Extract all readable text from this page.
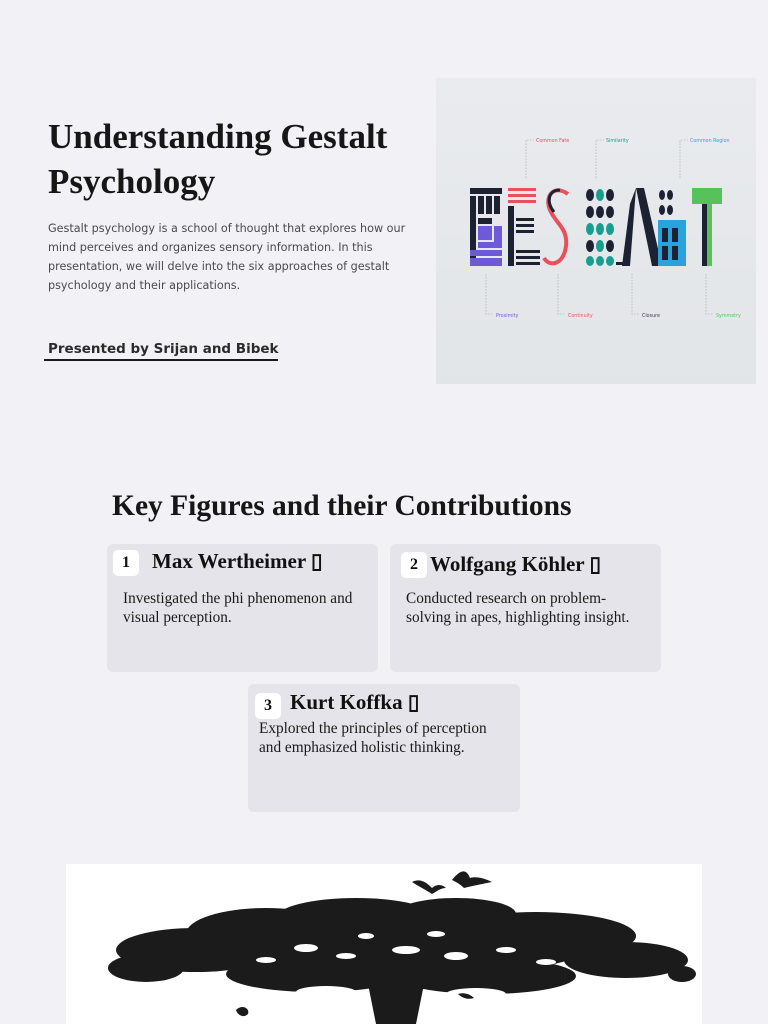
Understanding Gestalt Psychology

Gestalt psychology is a school of thought that explores how our mind perceives and organizes sensory information. In this presentation, we will delve into the six approaches of gestalt psychology and their applications.

Presented by Srijan and Bibek
Common Fate	Similarity	Common Region
Proximity	Continuity	Closure	Symmetry
Key Figures and their Contributions
1	Max Wertheimer ▯

Investigated the phi phenomenon and visual perception.

2 Wolfgang Köhler ▯

Conducted research on problem-solving in apes, highlighting insight.

3 Kurt Koffka ▯

Explored the principles of perception and emphasized holistic thinking.
